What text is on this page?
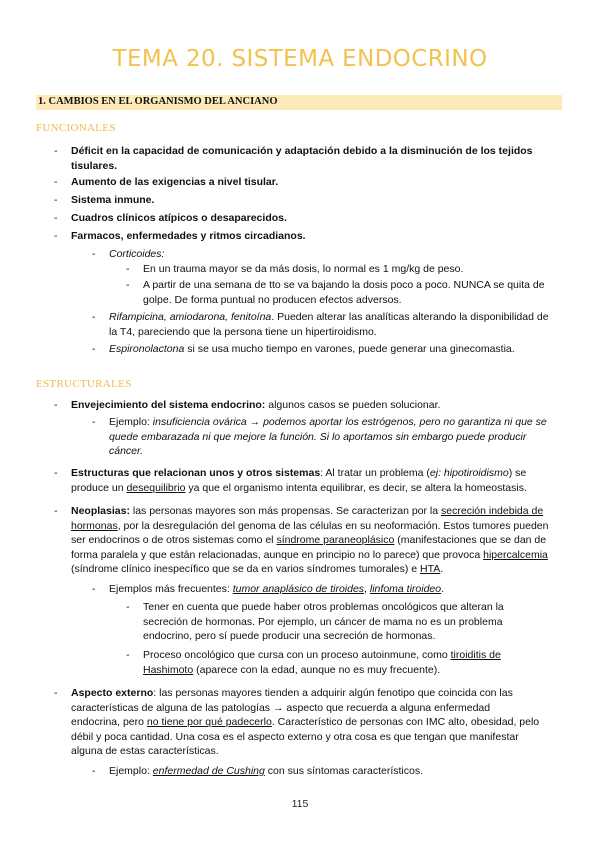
TEMA 20. SISTEMA ENDOCRINO
1. CAMBIOS EN EL ORGANISMO DEL ANCIANO
FUNCIONALES
-	Déficit en la capacidad de comunicación y adaptación debido a la disminución de los tejidos tisulares.
-	Aumento de las exigencias a nivel tisular.
-	Sistema inmune.
-	Cuadros clínicos atípicos o desaparecidos.
-	Farmacos, enfermedades y ritmos circadianos.
-	Corticoides:
-	En un trauma mayor se da más dosis, lo normal es 1 mg/kg de peso.
-	A partir de una semana de tto se va bajando la dosis poco a poco. NUNCA se quita de golpe. De forma puntual no producen efectos adversos.
-	Rifampicina, amiodarona, fenitoína. Pueden alterar las analíticas alterando la disponibilidad de la T4, pareciendo que la persona tiene un hipertiroidismo.
-	Espironolactona si se usa mucho tiempo en varones, puede generar una ginecomastia.
ESTRUCTURALES
-	Envejecimiento del sistema endocrino: algunos casos se pueden solucionar.
-	Ejemplo: insuficiencia ovárica → podemos aportar los estrógenos, pero no garantiza ni que se quede embarazada ni que mejore la función. Si lo aportamos sin embargo puede producir cáncer.
-	Estructuras que relacionan unos y otros sistemas: Al tratar un problema (ej: hipotiroidismo) se produce un desequilibrio ya que el organismo intenta equilibrar, es decir, se altera la homeostasis.
-	Neoplasias: las personas mayores son más propensas. Se caracterizan por la secreción indebida de hormonas, por la desregulación del genoma de las células en su neoformación. Estos tumores pueden ser endocrinos o de otros sistemas como el síndrome paraneoplásico (manifestaciones que se dan de forma paralela y que están relacionadas, aunque en principio no lo parece) que provoca hipercalcemia (síndrome clínico inespecífico que se da en varios síndromes tumorales) e HTA.
-	Ejemplos más frecuentes: tumor anaplásico de tiroides, linfoma tiroideo.
-	Tener en cuenta que puede haber otros problemas oncológicos que alteran la secreción de hormonas. Por ejemplo, un cáncer de mama no es un problema endocrino, pero sí puede producir una secreción de hormonas.
-	Proceso oncológico que cursa con un proceso autoinmune, como tiroiditis de Hashimoto (aparece con la edad, aunque no es muy frecuente).
-	Aspecto externo: las personas mayores tienden a adquirir algún fenotipo que coincida con las características de alguna de las patologías → aspecto que recuerda a alguna enfermedad endocrina, pero no tiene por qué padecerlo. Característico de personas con IMC alto, obesidad, pelo débil y poca cantidad. Una cosa es el aspecto externo y otra cosa es que tengan que manifestar alguna de estas características.
-	Ejemplo: enfermedad de Cushing con sus síntomas característicos.
115
